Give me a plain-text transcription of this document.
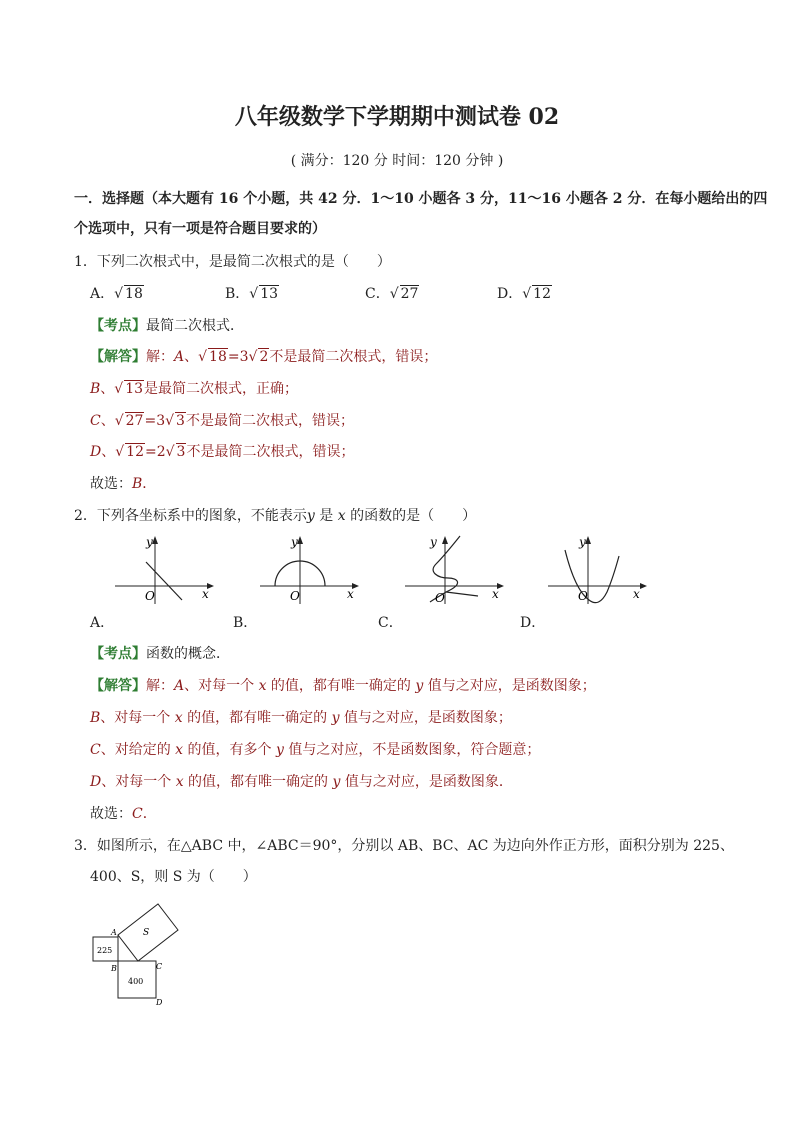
八年级数学下学期期中测试卷 02
( 满分：120 分 时间：120 分钟 )
一．选择题（本大题有 16 个小题，共 42 分．1～10 小题各 3 分，11～16 小题各 2 分．在每小题给出的四
个选项中，只有一项是符合题目要求的）
1．下列二次根式中，是最简二次根式的是（　　）
A．√ 18	B．√ 13	C．√ 27	D．√ 12
【考点】最简二次根式．
【解答】解：A、√ 18=3√ 2不是最简二次根式，错误；
B、√ 13是最简二次根式，正确；
C、√ 27=3√ 3不是最简二次根式，错误；
D、√ 12=2√ 3不是最简二次根式，错误；
故选：B．
2．下列各坐标系中的图象，不能表示y 是 x 的函数的是（　　）
y
O	x
A．
y
O	x
B．
y
O	x
C．
y
O	x
D．
【考点】函数的概念．
【解答】解：A、对每一个 x 的值，都有唯一确定的 y 值与之对应，是函数图象；
B、对每一个 x 的值，都有唯一确定的 y 值与之对应，是函数图象；
C、对给定的 x 的值，有多个 y 值与之对应，不是函数图象，符合题意；
D、对每一个 x 的值，都有唯一确定的 y 值与之对应，是函数图象．
故选：C．
3．如图所示，在△ABC 中，∠ABC＝90°，分别以 AB、BC、AC 为边向外作正方形，面积分别为 225、
400、S，则 S 为（　　）
S
225
400
A
B	C
D
